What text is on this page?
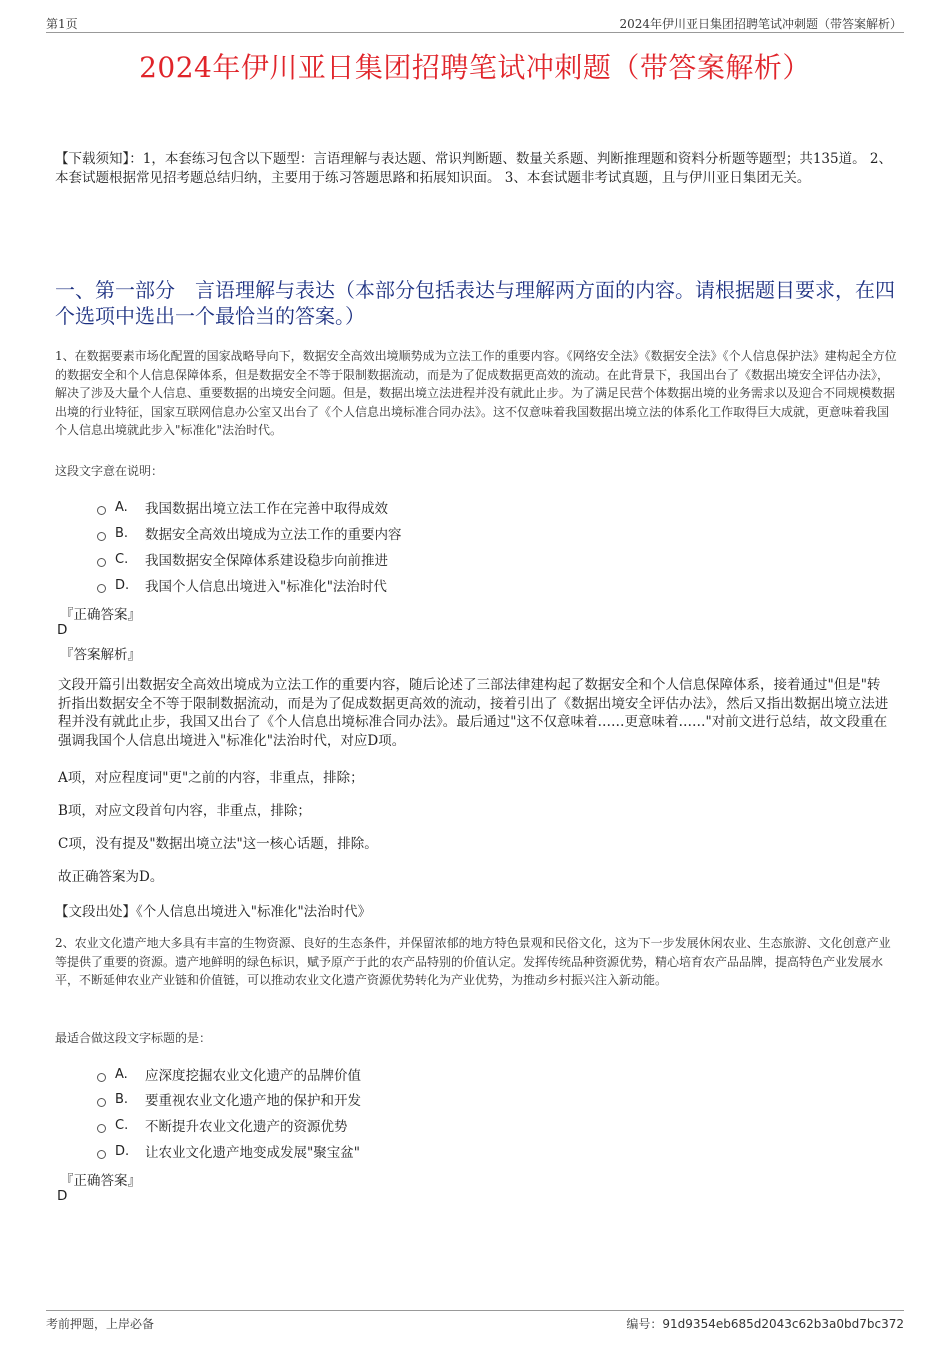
第1页	2024年伊川亚日集团招聘笔试冲刺题（带答案解析）
2024年伊川亚日集团招聘笔试冲刺题（带答案解析）
【下载须知】：1，本套练习包含以下题型：言语理解与表达题、常识判断题、数量关系题、判断推理题和资料分析题等题型；共135道。 2、本套试题根据常见招考题总结归纳，主要用于练习答题思路和拓展知识面。 3、本套试题非考试真题，且与伊川亚日集团无关。
一、第一部分　言语理解与表达（本部分包括表达与理解两方面的内容。请根据题目要求，在四个选项中选出一个最恰当的答案。）
1、在数据要素市场化配置的国家战略导向下，数据安全高效出境顺势成为立法工作的重要内容。《网络安全法》《数据安全法》《个人信息保护法》建构起全方位的数据安全和个人信息保障体系，但是数据安全不等于限制数据流动，而是为了促成数据更高效的流动。在此背景下，我国出台了《数据出境安全评估办法》，解决了涉及大量个人信息、重要数据的出境安全问题。但是，数据出境立法进程并没有就此止步。为了满足民营个体数据出境的业务需求以及迎合不同规模数据出境的行业特征，国家互联网信息办公室又出台了《个人信息出境标准合同办法》。这不仅意味着我国数据出境立法的体系化工作取得巨大成就，更意味着我国个人信息出境就此步入"标准化"法治时代。
这段文字意在说明：
A.	我国数据出境立法工作在完善中取得成效
B.	数据安全高效出境成为立法工作的重要内容
C.	我国数据安全保障体系建设稳步向前推进
D.	我国个人信息出境进入"标准化"法治时代
『正确答案』
D
『答案解析』
文段开篇引出数据安全高效出境成为立法工作的重要内容，随后论述了三部法律建构起了数据安全和个人信息保障体系，接着通过"但是"转折指出数据安全不等于限制数据流动，而是为了促成数据更高效的流动，接着引出了《数据出境安全评估办法》，然后又指出数据出境立法进程并没有就此止步，我国又出台了《个人信息出境标准合同办法》。最后通过"这不仅意味着……更意味着……"对前文进行总结，故文段重在强调我国个人信息出境进入"标准化"法治时代，对应D项。
A项，对应程度词"更"之前的内容，非重点，排除；
B项，对应文段首句内容，非重点，排除；
C项，没有提及"数据出境立法"这一核心话题，排除。
故正确答案为D。
【文段出处】《个人信息出境进入"标准化"法治时代》
2、农业文化遗产地大多具有丰富的生物资源、良好的生态条件，并保留浓郁的地方特色景观和民俗文化，这为下一步发展休闲农业、生态旅游、文化创意产业等提供了重要的资源。遗产地鲜明的绿色标识，赋予原产于此的农产品特别的价值认定。发挥传统品种资源优势，精心培育农产品品牌，提高特色产业发展水平，不断延伸农业产业链和价值链，可以推动农业文化遗产资源优势转化为产业优势，为推动乡村振兴注入新动能。
最适合做这段文字标题的是：
A.	应深度挖掘农业文化遗产的品牌价值
B.	要重视农业文化遗产地的保护和开发
C.	不断提升农业文化遗产的资源优势
D.	让农业文化遗产地变成发展"聚宝盆"
『正确答案』
D
考前押题，上岸必备	编号：91d9354eb685d2043c62b3a0bd7bc372
